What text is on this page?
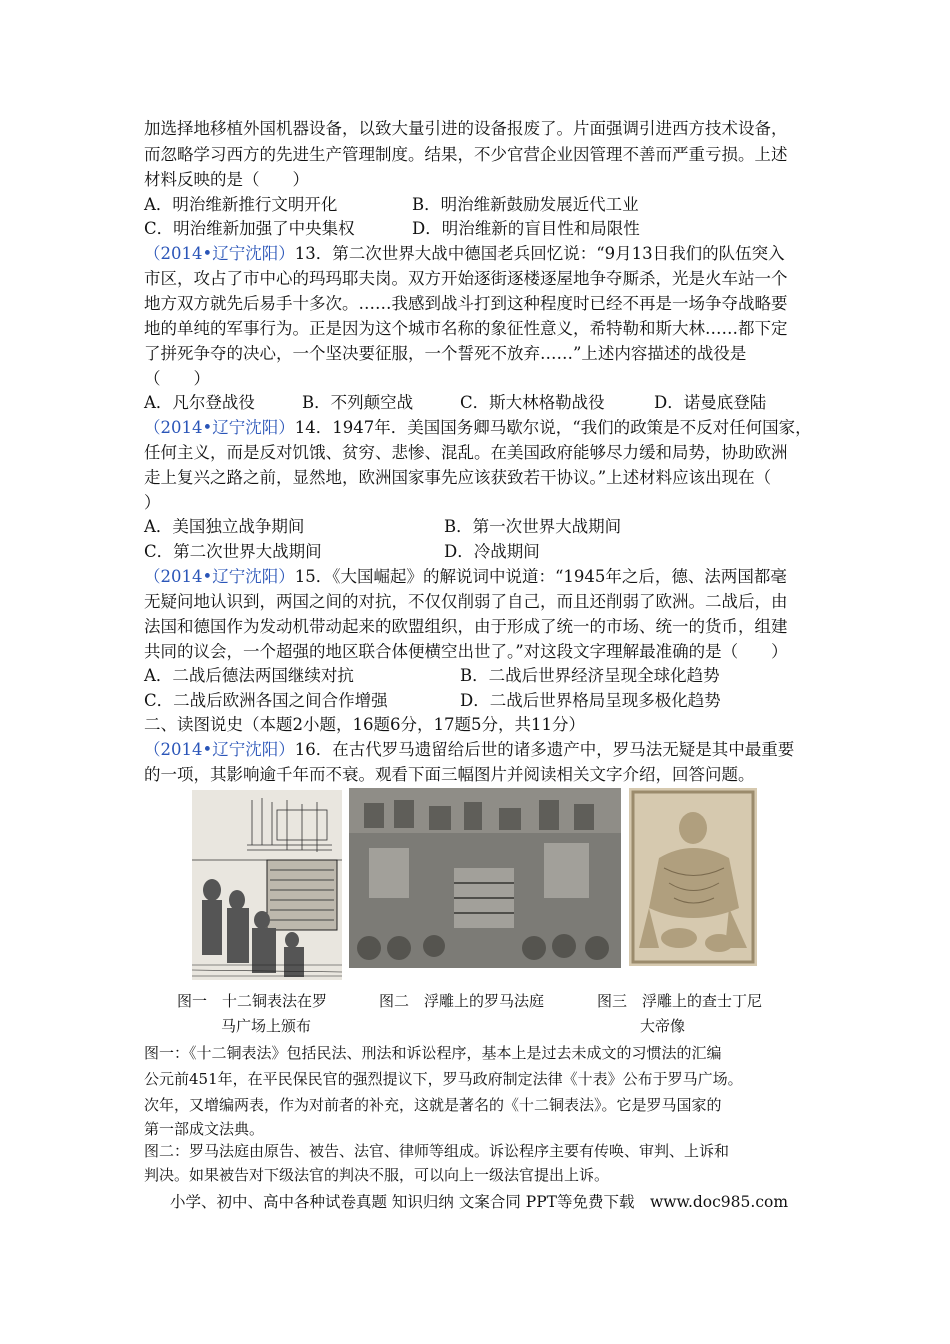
加选择地移植外国机器设备，以致大量引进的设备报废了。片面强调引进西方技术设备，
而忽略学习西方的先进生产管理制度。结果，不少官营企业因管理不善而严重亏损。上述
材料反映的是（　　）
A．明治维新推行文明开化	B．明治维新鼓励发展近代工业
C．明治维新加强了中央集权	D．明治维新的盲目性和局限性
（2014•辽宁沈阳）13．第二次世界大战中德国老兵回忆说：“9月13日我们的队伍突入
市区，攻占了市中心的玛玛耶夫岗。双方开始逐街逐楼逐屋地争夺厮杀，光是火车站一个
地方双方就先后易手十多次。……我感到战斗打到这种程度时已经不再是一场争夺战略要
地的单纯的军事行为。正是因为这个城市名称的象征性意义，希特勒和斯大林……都下定
了拼死争夺的决心，一个坚决要征服，一个誓死不放弃……”上述内容描述的战役是
（　　）
A．凡尔登战役	B．不列颠空战	C．斯大林格勒战役	D．诺曼底登陆
（2014•辽宁沈阳）14．1947年．美国国务卿马歇尔说，“我们的政策是不反对任何国家，
任何主义，而是反对饥饿、贫穷、悲惨、混乱。在美国政府能够尽力缓和局势，协助欧洲
走上复兴之路之前，显然地，欧洲国家事先应该获致若干协议。”上述材料应该出现在（
）
A．美国独立战争期间	B．第一次世界大战期间
C．第二次世界大战期间	D．冷战期间
（2014•辽宁沈阳）15．《大国崛起》的解说词中说道：“1945年之后，德、法两国都毫
无疑问地认识到，两国之间的对抗，不仅仅削弱了自己，而且还削弱了欧洲。二战后，由
法国和德国作为发动机带动起来的欧盟组织，由于形成了统一的市场、统一的货币，组建
共同的议会，一个超强的地区联合体便横空出世了。”对这段文字理解最准确的是（　　）
A．二战后德法两国继续对抗	B．二战后世界经济呈现全球化趋势
C．二战后欧洲各国之间合作增强	D．二战后世界格局呈现多极化趋势
二、读图说史（本题2小题，16题6分，17题5分，共11分）
（2014•辽宁沈阳）16．在古代罗马遗留给后世的诸多遗产中，罗马法无疑是其中最重要
的一项，其影响逾千年而不衰。观看下面三幅图片并阅读相关文字介绍，回答问题。
图一　十二铜表法在罗
马广场上颁布
图二　浮雕上的罗马法庭	图三　浮雕上的查士丁尼
大帝像
图一：《十二铜表法》包括民法、刑法和诉讼程序，基本上是过去未成文的习惯法的汇编
公元前451年，在平民保民官的强烈提议下，罗马政府制定法律《十表》公布于罗马广场。
次年，又增编两表，作为对前者的补充，这就是著名的《十二铜表法》。它是罗马国家的
第一部成文法典。
图二：罗马法庭由原告、被告、法官、律师等组成。诉讼程序主要有传唤、审判、上诉和
判决。如果被告对下级法官的判决不服，可以向上一级法官提出上诉。
小学、初中、高中各种试卷真题 知识归纳 文案合同 PPT等免费下载　www.doc985.com
